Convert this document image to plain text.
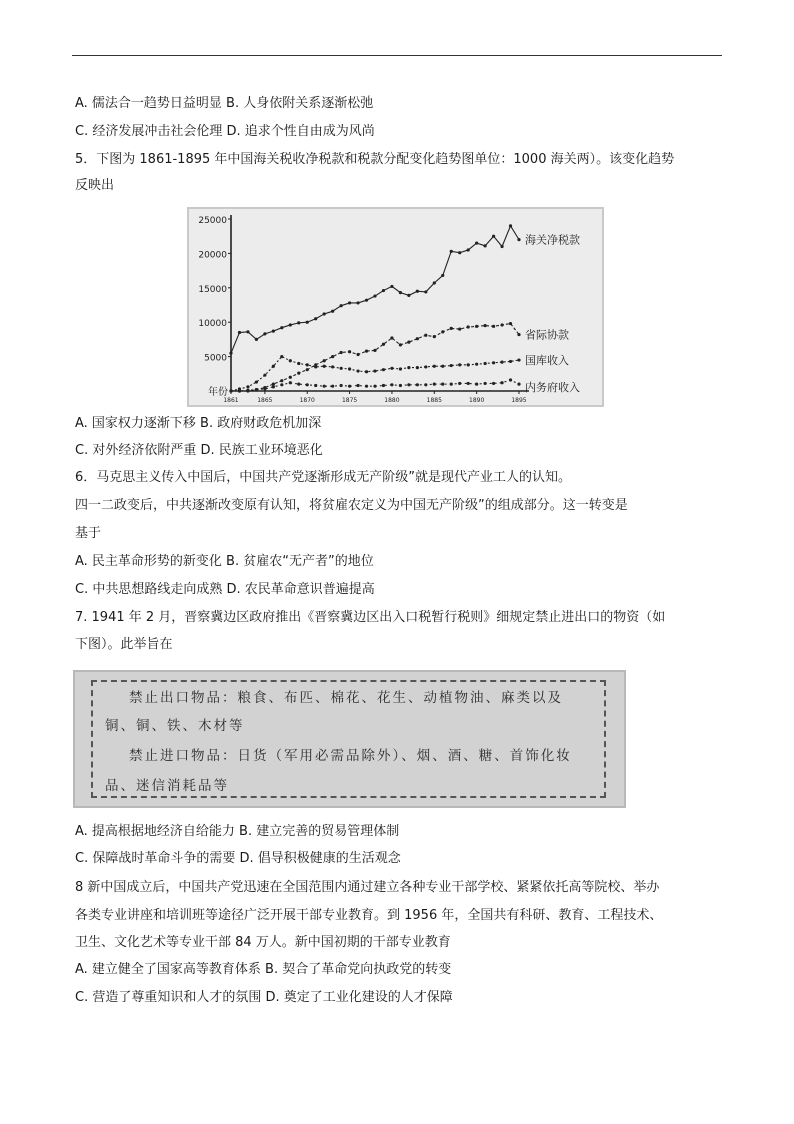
A. 儒法合一趋势日益明显 B. 人身依附关系逐渐松弛
C. 经济发展冲击社会伦理 D. 追求个性自由成为风尚
5．下图为 1861-1895 年中国海关税收净税款和税款分配变化趋势图单位：1000 海关两）。该变化趋势
反映出
5000
10000
15000
20000
25000
年份
1861	1865	1870	1875	1880	1885	1890	1895
海关净税款
省际协款
国库收入
内务府收入
A. 国家权力逐渐下移 B. 政府财政危机加深
C. 对外经济依附严重 D. 民族工业环境恶化
6．马克思主义传入中国后，中国共产党逐渐形成无产阶级”就是现代产业工人的认知。
四一二政变后，中共逐渐改变原有认知，将贫雇农定义为中国无产阶级”的组成部分。这一转变是
基于
A. 民主革命形势的新变化 B. 贫雇农“无产者”的地位
C. 中共思想路线走向成熟 D. 农民革命意识普遍提高
7. 1941 年 2 月，晋察冀边区政府推出《晋察冀边区出入口税暂行税则》细规定禁止进出口的物资（如
下图）。此举旨在
禁止出口物品：粮食、布匹、棉花、花生、动植物油、麻类以及
铜、铜、铁、木材等
禁止进口物品：日货（军用必需品除外）、烟、酒、糖、首饰化妆
品、迷信消耗品等
A. 提高根据地经济自给能力 B. 建立完善的贸易管理体制
C. 保障战时革命斗争的需要 D. 倡导积极健康的生活观念
8 新中国成立后，中国共产党迅速在全国范围内通过建立各种专业干部学校、紧紧依托高等院校、举办
各类专业讲座和培训班等途径广泛开展干部专业教育。到 1956 年，全国共有科研、教育、工程技术、
卫生、文化艺术等专业干部 84 万人。新中国初期的干部专业教育
A. 建立健全了国家高等教育体系 B. 契合了革命党向执政党的转变
C. 营造了尊重知识和人才的氛围 D. 奠定了工业化建设的人才保障
